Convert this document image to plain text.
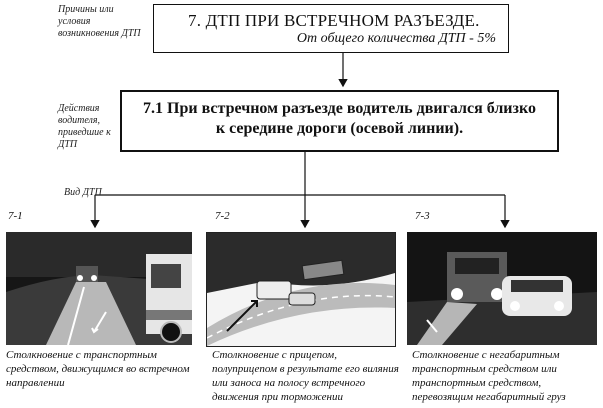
Причины или условия возникновения ДТП
Действия водителя, приведшие к ДТП
Вид ДТП
7. ДТП ПРИ ВСТРЕЧНОМ РАЗЪЕЗДЕ.
От общего количества ДТП - 5%
7.1 При встречном разъезде водитель двигался близко
к середине дороги (осевой линии).
7-1	7-2	7-3
Столкновение с транспортным средством, движущимся во встречном направлении
Столкновение с прицепом, полуприцепом в результате его виляния или заноса на полосу встречного движения при торможении
Столкновение с негабаритным транспортным средством или транспортным средством, перевозящим негабаритный груз
